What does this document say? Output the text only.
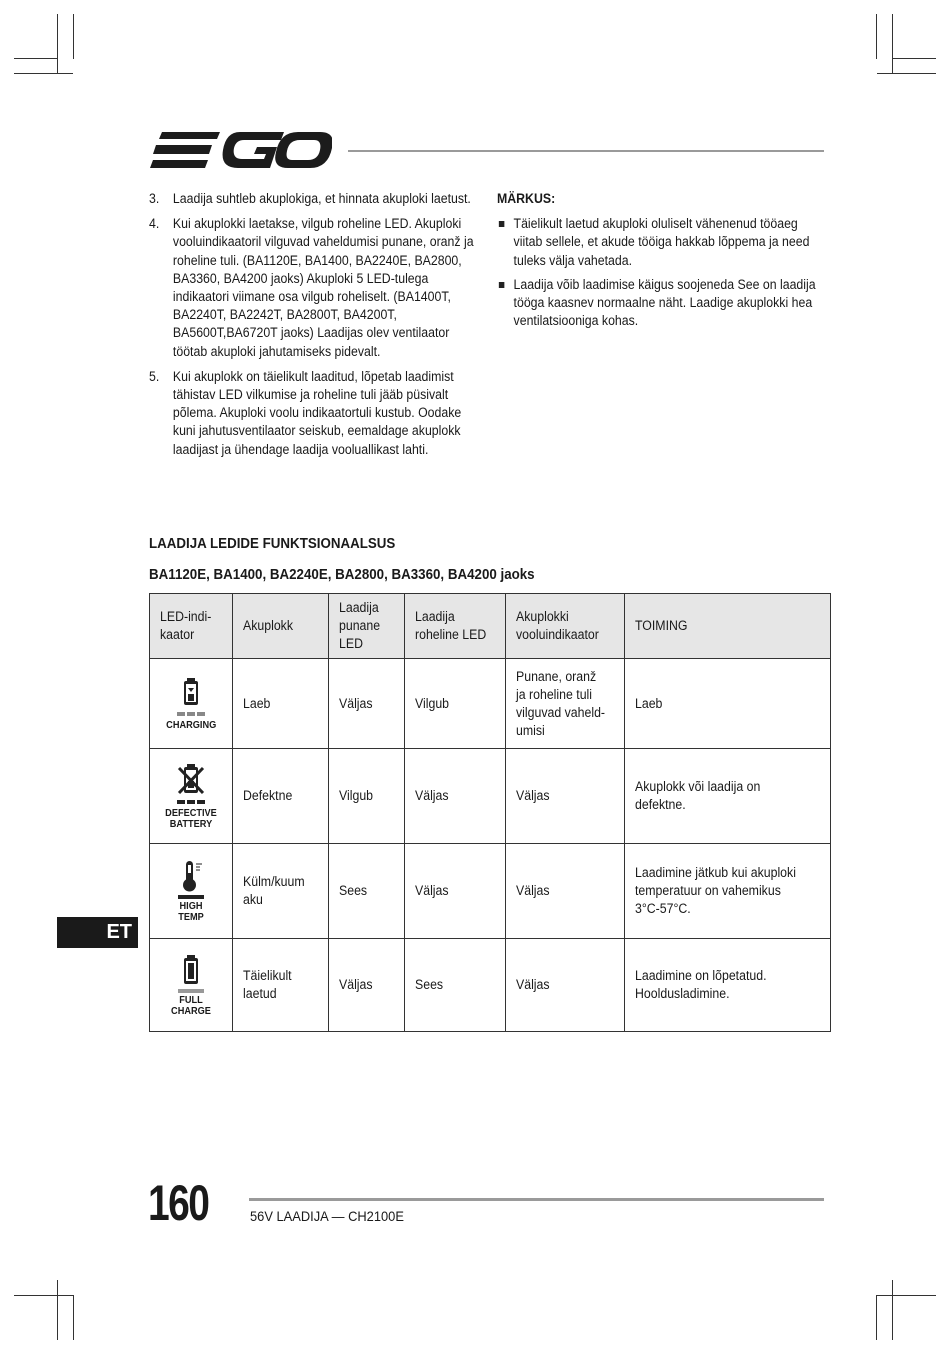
3.	Laadija suhtleb akuplokiga, et hinnata akuploki laetust.
4.	Kui akuplokki laetakse, vilgub roheline LED. Akuploki vooluindikaatoril vilguvad vaheldumisi punane, oranž ja roheline tuli. (BA1120E, BA1400, BA2240E, BA2800, BA3360, BA4200 jaoks) Akuploki 5 LED-tulega indikaatori viimane osa vilgub roheliselt. (BA1400T, BA2240T, BA2242T, BA2800T, BA4200T, BA5600T,BA6720T jaoks) Laadijas olev ventilaator töötab akuploki jahutamiseks pidevalt.
5.	Kui akuplokk on täielikult laaditud, lõpetab laadimist tähistav LED vilkumise ja roheline tuli jääb püsivalt põlema. Akuploki voolu indikaatortuli kustub. Oodake kuni jahutusventilaator seiskub, eemaldage akuplokk laadijast ja ühendage laadija vooluallikast lahti.
MÄRKUS:
Täielikult laetud akuploki oluliselt vähenenud tööaeg viitab sellele, et akude tööiga hakkab lõppema ja need tuleks välja vahetada.
Laadija võib laadimise käigus soojeneda See on laadija tööga kaasnev normaalne näht. Laadige akuplokki hea ventilatsiooniga kohas.
LAADIJA LEDIDE FUNKTSIONAALSUS
BA1120E, BA1400, BA2240E, BA2800, BA3360, BA4200 jaoks
LED-indi-kaator	Akuplokk	Laadija punane LED	Laadija roheline LED	Akuplokki vooluindikaator	TOIMING

CHARGING	Laeb	Väljas	Vilgub	Punane, oranž ja roheline tuli vilguvad vaheld-umisi	Laeb

DEFECTIVE BATTERY	Defektne	Vilgub	Väljas	Väljas	Akuplokk või laadija on defektne.

HIGH TEMP	Külm/kuum aku	Sees	Väljas	Väljas	Laadimine jätkub kui akuploki temperatuur on vahemikus 3°C-57°C.

FULL CHARGE	Täielikult laetud	Väljas	Sees	Väljas	Laadimine on lõpetatud. Hooldusladimine.
ET
160	56V LAADIJA — CH2100E
